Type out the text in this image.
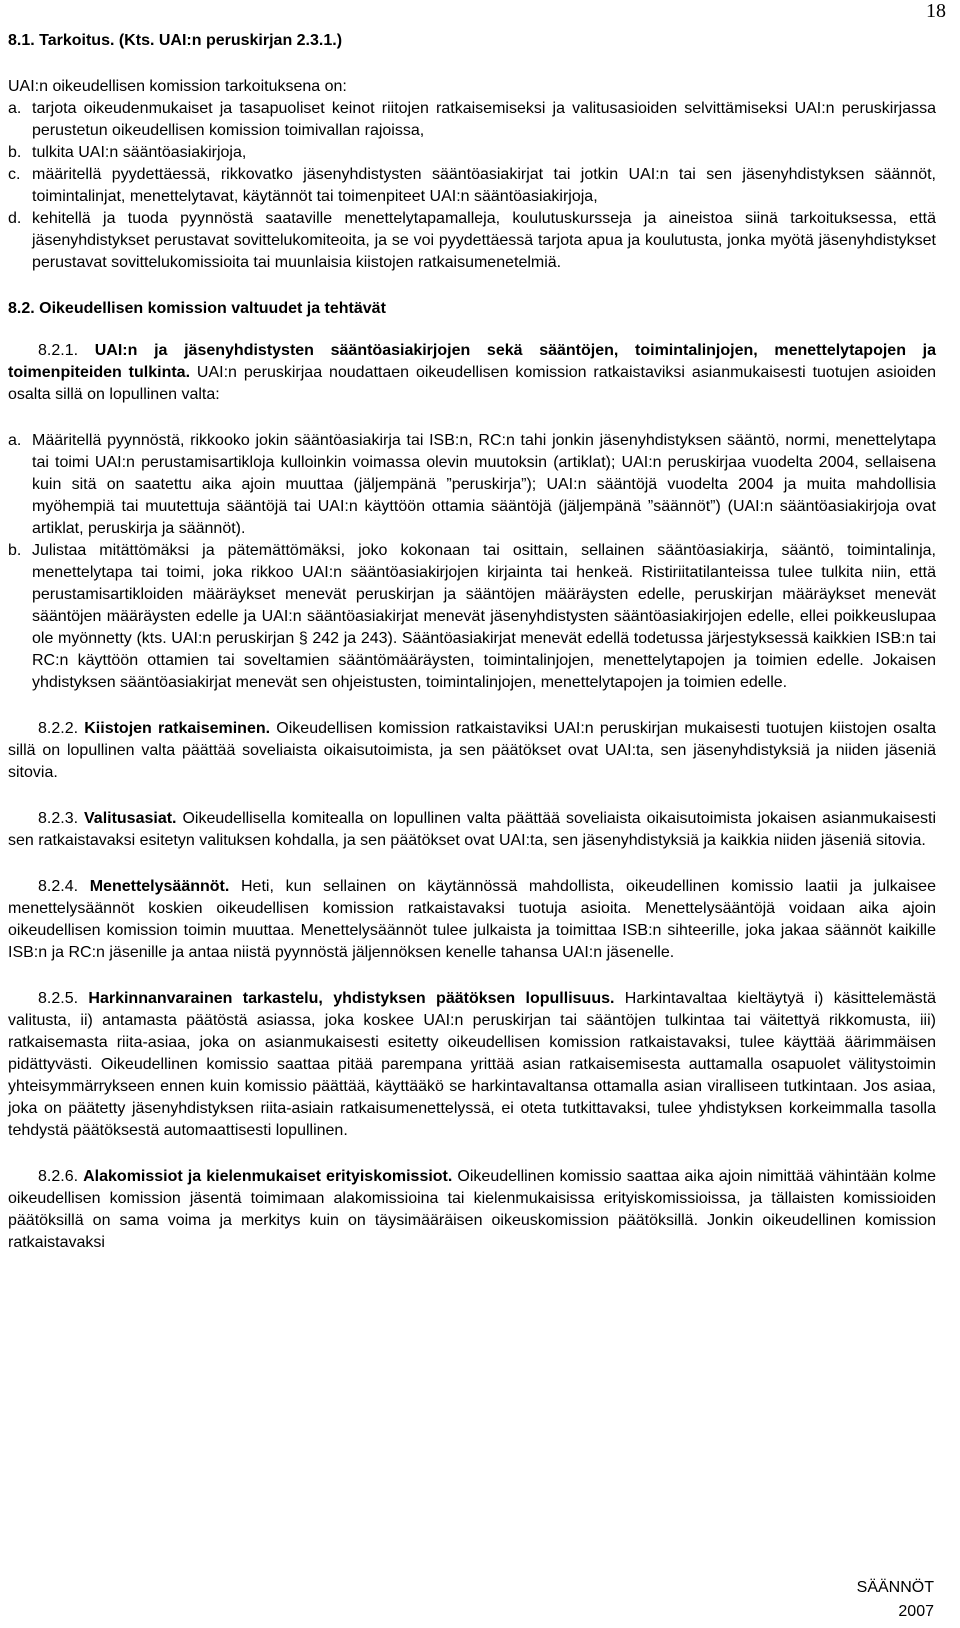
18
8.1. Tarkoitus. (Kts. UAI:n peruskirjan 2.3.1.)

UAI:n oikeudellisen komission tarkoituksena on:

a. tarjota oikeudenmukaiset ja tasapuoliset keinot riitojen ratkaisemiseksi ja valitusasioiden selvittämiseksi UAI:n peruskirjassa perustetun oikeudellisen komission toimivallan rajoissa,
b. tulkita UAI:n sääntöasiakirjoja,
c. määritellä pyydettäessä, rikkovatko jäsenyhdistysten sääntöasiakirjat tai jotkin UAI:n tai sen jäsenyhdistyksen säännöt, toimintalinjat, menettelytavat, käytännöt tai toimenpiteet UAI:n sääntöasiakirjoja,
d. kehitellä ja tuoda pyynnöstä saataville menettelytapamalleja, koulutuskursseja ja aineistoa siinä tarkoituksessa, että jäsenyhdistykset perustavat sovittelukomiteoita, ja se voi pyydettäessä tarjota apua ja koulutusta, jonka myötä jäsenyhdistykset perustavat sovittelukomissioita tai muunlaisia kiistojen ratkaisumenetelmiä.
8.2. Oikeudellisen komission valtuudet ja tehtävät

8.2.1. UAI:n ja jäsenyhdistysten sääntöasiakirjojen sekä sääntöjen, toimintalinjojen, menettelytapojen ja toimenpiteiden tulkinta. UAI:n peruskirjaa noudattaen oikeudellisen komission ratkaistaviksi asianmukaisesti tuotujen asioiden osalta sillä on lopullinen valta:

a. Määritellä pyynnöstä, rikkooko jokin sääntöasiakirja tai ISB:n, RC:n tahi jonkin jäsenyhdistyksen sääntö, normi, menettelytapa tai toimi UAI:n perustamisartikloja kulloinkin voimassa olevin muutoksin (artiklat); UAI:n peruskirjaa vuodelta 2004, sellaisena kuin sitä on saatettu aika ajoin muuttaa (jäljempänä ”peruskirja”); UAI:n sääntöjä vuodelta 2004 ja muita mahdollisia myöhempiä tai muutettuja sääntöjä tai UAI:n käyttöön ottamia sääntöjä (jäljempänä ”säännöt”) (UAI:n sääntöasiakirjoja ovat artiklat, peruskirja ja säännöt).
b. Julistaa mitättömäksi ja pätemättömäksi, joko kokonaan tai osittain, sellainen sääntöasiakirja, sääntö, toimintalinja, menettelytapa tai toimi, joka rikkoo UAI:n sääntöasiakirjojen kirjainta tai henkeä. Ristiriitatilanteissa tulee tulkita niin, että perustamisartikloiden määräykset menevät peruskirjan ja sääntöjen määräysten edelle, peruskirjan määräykset menevät sääntöjen määräysten edelle ja UAI:n sääntöasiakirjat menevät jäsenyhdistysten sääntöasiakirjojen edelle, ellei poikkeuslupaa ole myönnetty (kts. UAI:n peruskirjan § 242 ja 243). Sääntöasiakirjat menevät edellä todetussa järjestyksessä kaikkien ISB:n tai RC:n käyttöön ottamien tai soveltamien sääntömääräysten, toimintalinjojen, menettelytapojen ja toimien edelle. Jokaisen yhdistyksen sääntöasiakirjat menevät sen ohjeistusten, toimintalinjojen, menettelytapojen ja toimien edelle.

8.2.2. Kiistojen ratkaiseminen. Oikeudellisen komission ratkaistaviksi UAI:n peruskirjan mukaisesti tuotujen kiistojen osalta sillä on lopullinen valta päättää soveliaista oikaisutoimista, ja sen päätökset ovat UAI:ta, sen jäsenyhdistyksiä ja niiden jäseniä sitovia.

8.2.3. Valitusasiat. Oikeudellisella komitealla on lopullinen valta päättää soveliaista oikaisutoimista jokaisen asianmukaisesti sen ratkaistavaksi esitetyn valituksen kohdalla, ja sen päätökset ovat UAI:ta, sen jäsenyhdistyksiä ja kaikkia niiden jäseniä sitovia.

8.2.4. Menettelysäännöt. Heti, kun sellainen on käytännössä mahdollista, oikeudellinen komissio laatii ja julkaisee menettelysäännöt koskien oikeudellisen komission ratkaistavaksi tuotuja asioita. Menettelysääntöjä voidaan aika ajoin oikeudellisen komission toimin muuttaa. Menettelysäännöt tulee julkaista ja toimittaa ISB:n sihteerille, joka jakaa säännöt kaikille ISB:n ja RC:n jäsenille ja antaa niistä pyynnöstä jäljennöksen kenelle tahansa UAI:n jäsenelle.

8.2.5. Harkinnanvarainen tarkastelu, yhdistyksen päätöksen lopullisuus. Harkintavaltaa kieltäytyä i) käsittelemästä valitusta, ii) antamasta päätöstä asiassa, joka koskee UAI:n peruskirjan tai sääntöjen tulkintaa tai väitettyä rikkomusta, iii) ratkaisemasta riita-asiaa, joka on asianmukaisesti esitetty oikeudellisen komission ratkaistavaksi, tulee käyttää äärimmäisen pidättyvästi. Oikeudellinen komissio saattaa pitää parempana yrittää asian ratkaisemisesta auttamalla osapuolet välitystoimin yhteisymmärrykseen ennen kuin komissio päättää, käyttääkö se harkintavaltansa ottamalla asian viralliseen tutkintaan. Jos asiaa, joka on päätetty jäsenyhdistyksen riita-asiain ratkaisumenettelyssä, ei oteta tutkittavaksi, tulee yhdistyksen korkeimmalla tasolla tehdystä päätöksestä automaattisesti lopullinen.

8.2.6. Alakomissiot ja kielenmukaiset erityiskomissiot. Oikeudellinen komissio saattaa aika ajoin nimittää vähintään kolme oikeudellisen komission jäsentä toimimaan alakomissioina tai kielenmukaisissa erityiskomissioissa, ja tällaisten komissioiden päätöksillä on sama voima ja merkitys kuin on täysimääräisen oikeuskomission päätöksillä. Jonkin oikeudellinen komission ratkaistavaksi

SÄÄNNÖT
2007
